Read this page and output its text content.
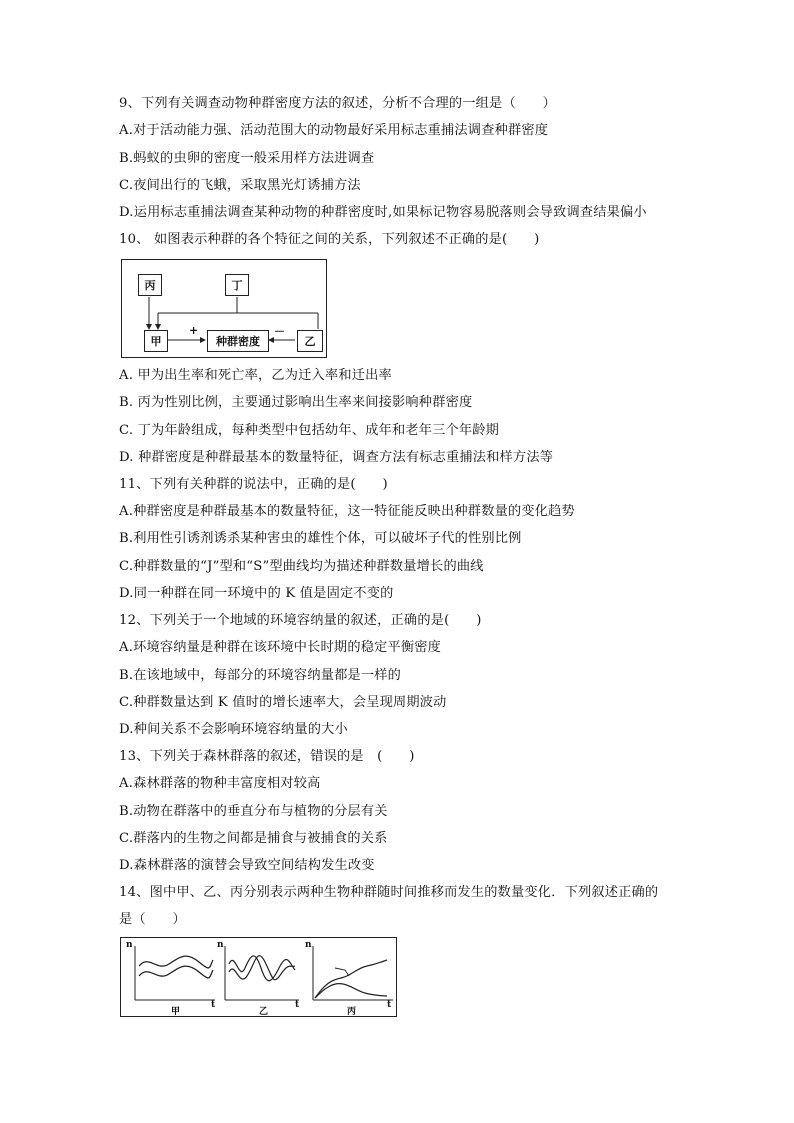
9、下列有关调查动物种群密度方法的叙述，分析不合理的一组是（　　）
A.对于活动能力强、活动范围大的动物最好采用标志重捕法调查种群密度
B.蚂蚁的虫卵的密度一般采用样方法进调查
C.夜间出行的飞蛾，采取黑光灯诱捕方法
D.运用标志重捕法调查某种动物的种群密度时,如果标记物容易脱落则会导致调查结果偏小
10、 如图表示种群的各个特征之间的关系，下列叙述不正确的是(　　)
丙	丁
甲	种群密度	乙
+	－
A. 甲为出生率和死亡率，乙为迁入率和迁出率
B. 丙为性别比例，主要通过影响出生率来间接影响种群密度
C. 丁为年龄组成，每种类型中包括幼年、成年和老年三个年龄期
D. 种群密度是种群最基本的数量特征，调查方法有标志重捕法和样方法等
11、下列有关种群的说法中，正确的是(　　)
A.种群密度是种群最基本的数量特征，这一特征能反映出种群数量的变化趋势
B.利用性引诱剂诱杀某种害虫的雄性个体，可以破坏子代的性别比例
C.种群数量的“J”型和“S”型曲线均为描述种群数量增长的曲线
D.同一种群在同一环境中的 K 值是固定不变的
12、下列关于一个地域的环境容纳量的叙述，正确的是(　　)
A.环境容纳量是种群在该环境中长时期的稳定平衡密度
B.在该地域中，每部分的环境容纳量都是一样的
C.种群数量达到 K 值时的增长速率大，会呈现周期波动
D.种间关系不会影响环境容纳量的大小
13、下列关于森林群落的叙述，错误的是　(　　)
A.森林群落的物种丰富度相对较高
B.动物在群落中的垂直分布与植物的分层有关
C.群落内的生物之间都是捕食与被捕食的关系
D.森林群落的演替会导致空间结构发生改变
14、图中甲、乙、丙分别表示两种生物种群随时间推移而发生的数量变化．下列叙述正确的
是（　　）
n
t
甲
n
t
乙
n
t
丙
